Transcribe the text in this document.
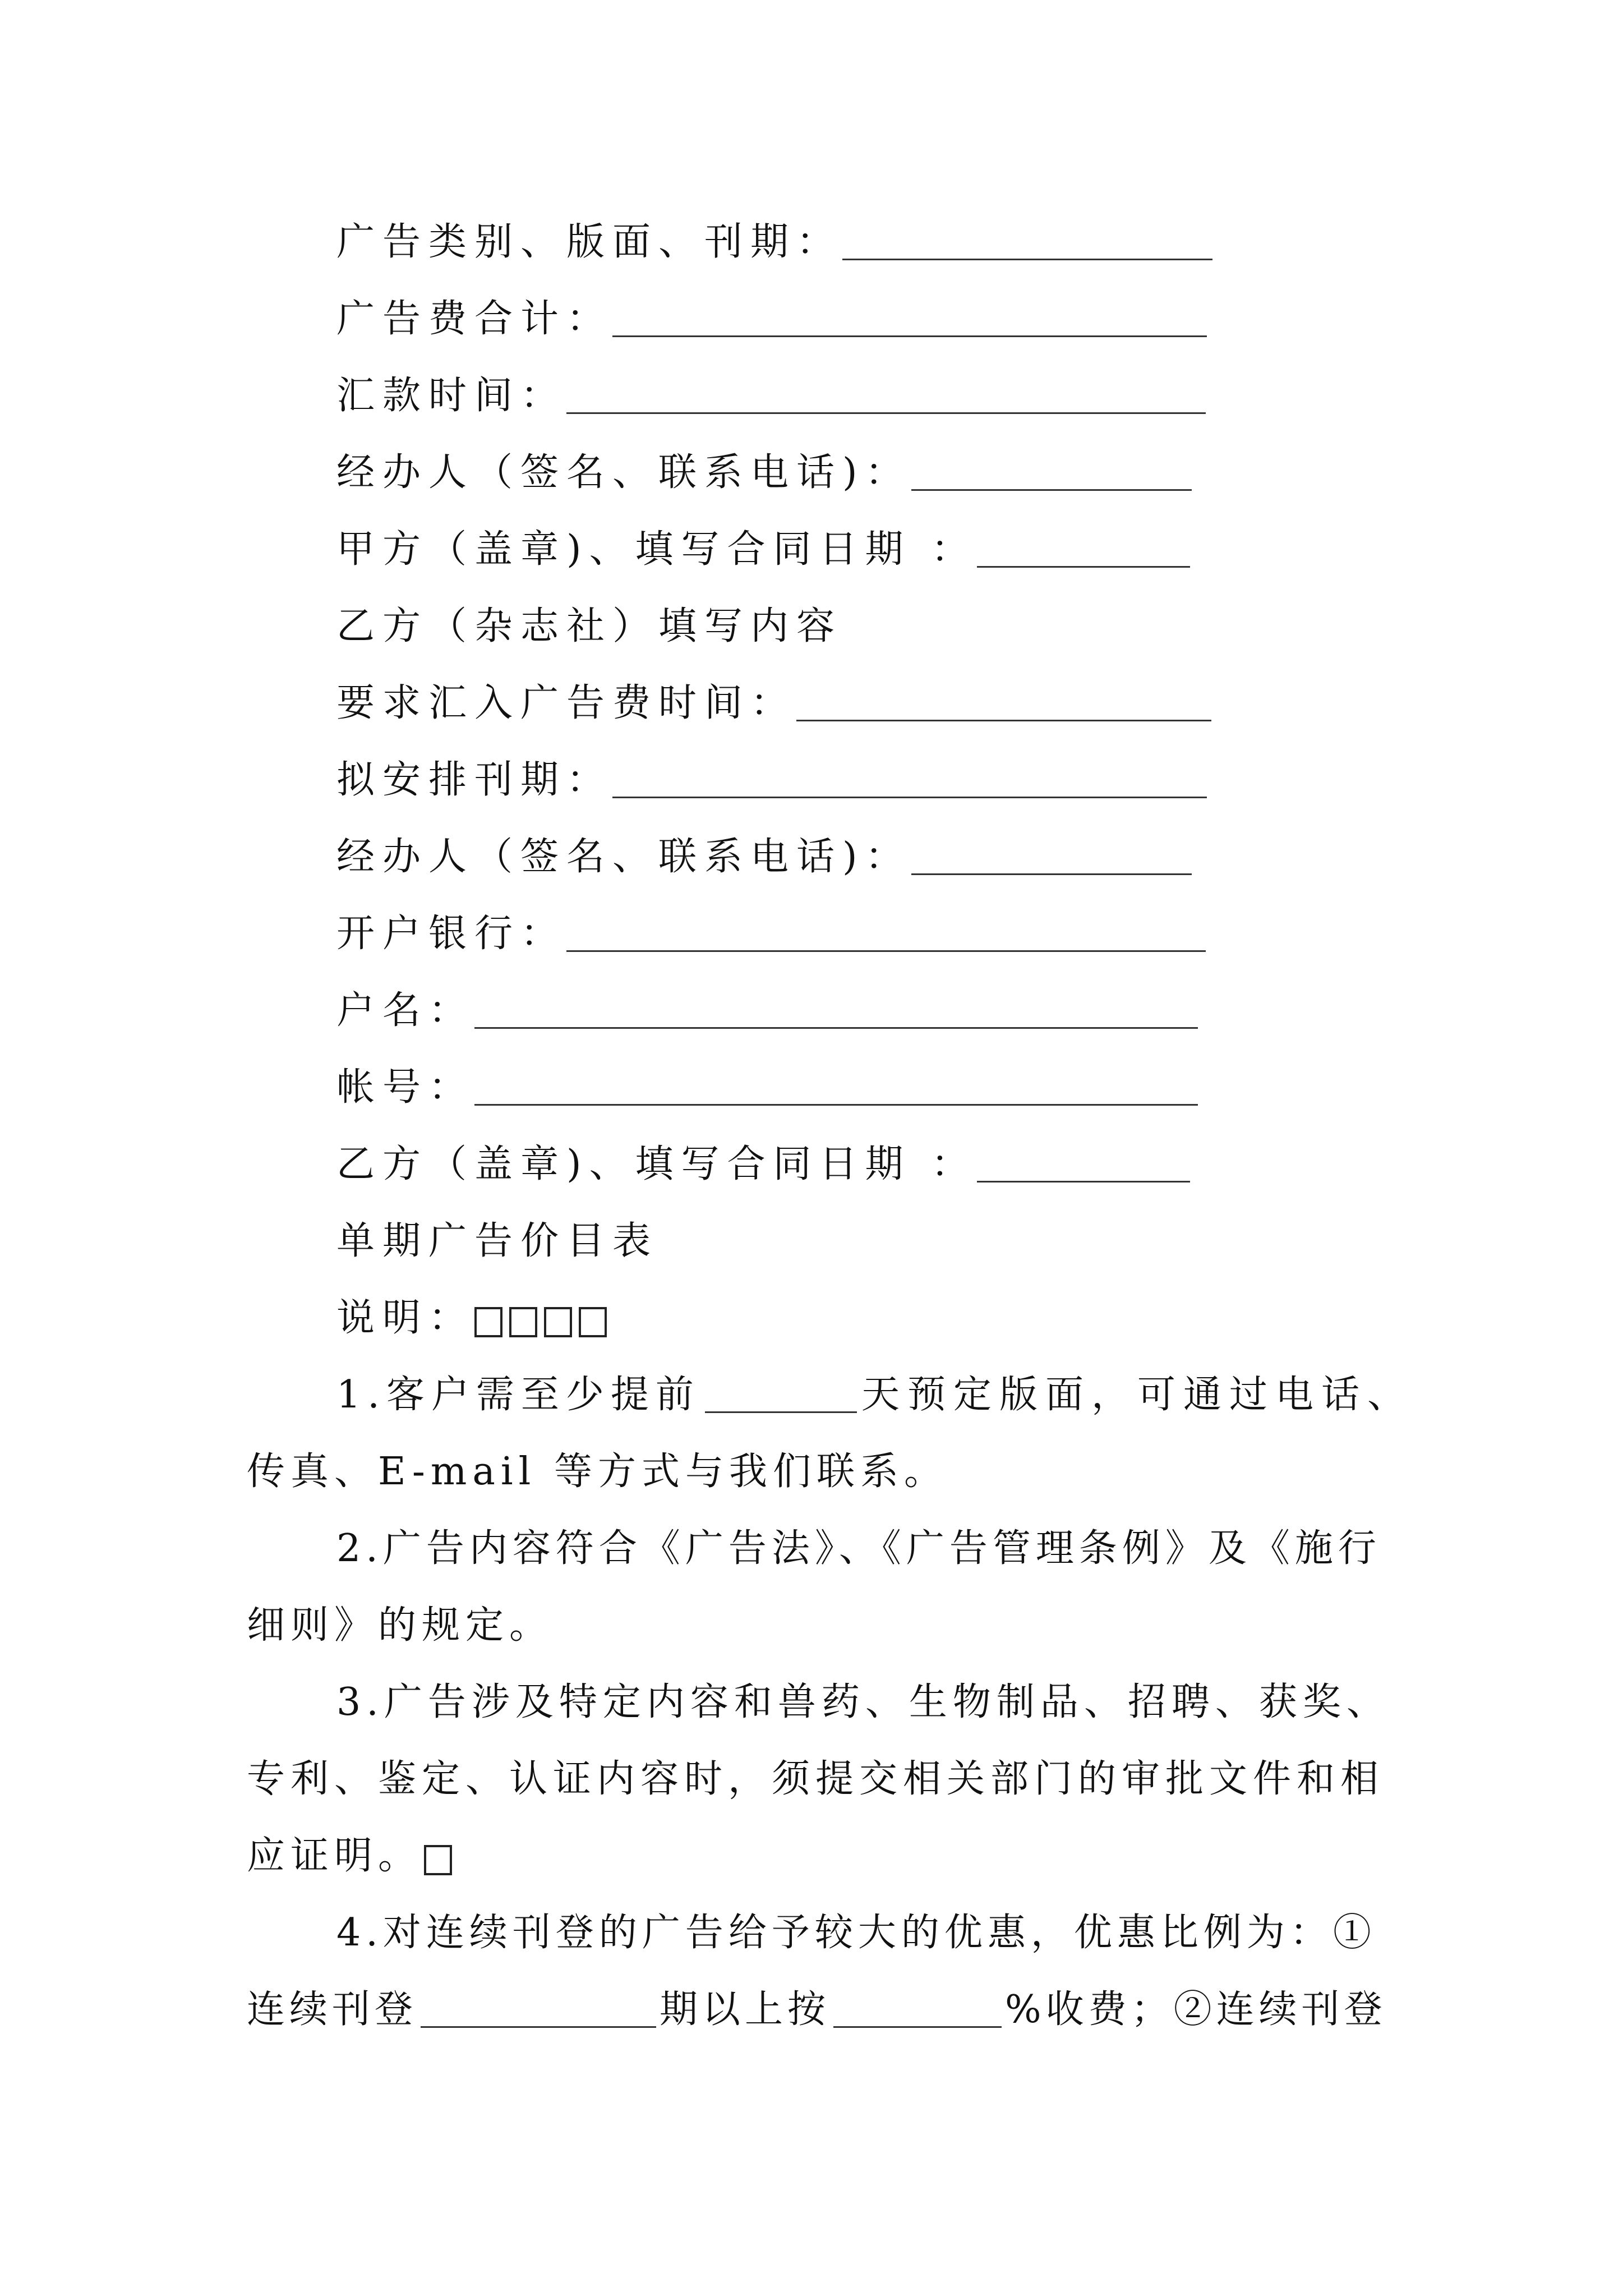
广告类别、版面、刊期：
广告费合计：
汇款时间：
经办人（签名、联系电话)：
甲方（盖章)、填写合同日期 ：
乙方（杂志社）填写内容
要求汇入广告费时间：
拟安排刊期：
经办人（签名、联系电话)：
开户银行：
户名：
帐号：
乙方（盖章)、填写合同日期 ：
单期广告价目表
说明：
1.客户需至少提前	天预定版面，可通过电话、
传真、E-mail 等方式与我们联系。
2.广告内容符合《广告法》、《广告管理条例》及《施行
细则》的规定。
3.广告涉及特定内容和兽药、生物制品、招聘、获奖、
专利、鉴定、认证内容时，须提交相关部门的审批文件和相
应证明。
4.对连续刊登的广告给予较大的优惠，优惠比例为：①
连续刊登	期以上按	%收费；②连续刊登
